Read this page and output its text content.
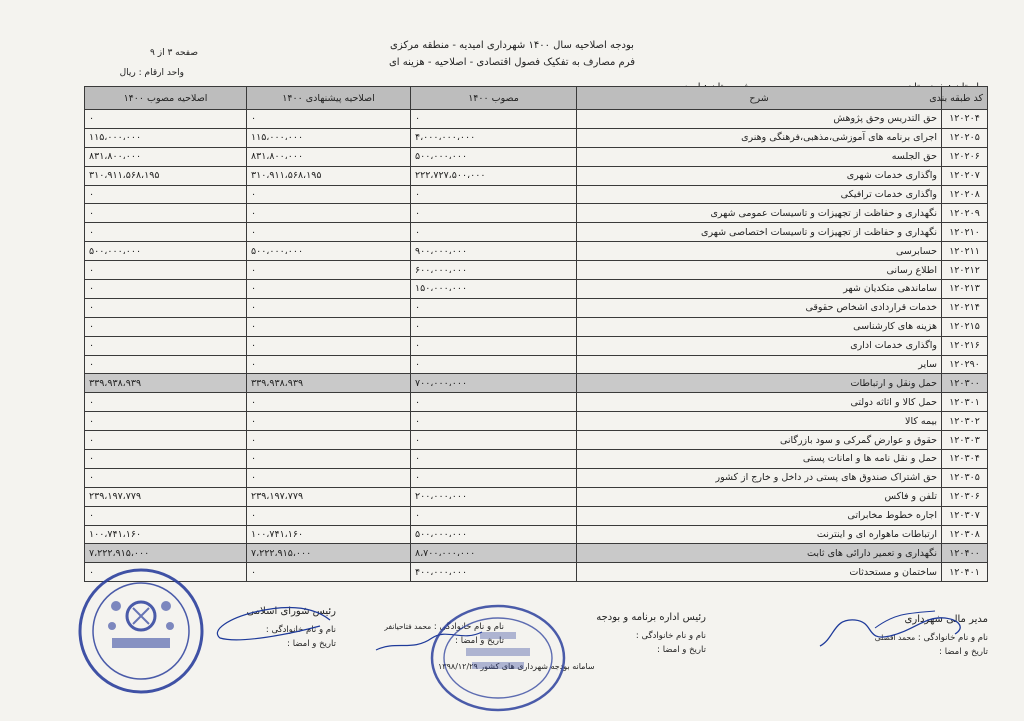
بودجه اصلاحیه سال ۱۴۰۰ شهرداری امیدیه - منطقه مرکزی
فرم مصارف به تفکیک فصول اقتصادی - اصلاحیه - هزینه ای
صفحه ۳ از ۹
واحد ارقام : ریال
کد طبقه بندی	شرح	مصوب ۱۴۰۰	اصلاحیه پیشنهادی ۱۴۰۰	اصلاحیه مصوب ۱۴۰۰
۱۲۰۲۰۴	حق التدریس وحق پژوهش	۰	۰	۰
۱۲۰۲۰۵	اجرای برنامه های آموزشی،مذهبی،فرهنگی وهنری	۴،۰۰۰،۰۰۰،۰۰۰	۱۱۵،۰۰۰،۰۰۰	۱۱۵،۰۰۰،۰۰۰
۱۲۰۲۰۶	حق الجلسه	۵۰۰،۰۰۰،۰۰۰	۸۳۱،۸۰۰،۰۰۰	۸۳۱،۸۰۰،۰۰۰
۱۲۰۲۰۷	واگذاری خدمات شهری	۲۲۲،۷۲۷،۵۰۰،۰۰۰	۳۱۰،۹۱۱،۵۶۸،۱۹۵	۳۱۰،۹۱۱،۵۶۸،۱۹۵
۱۲۰۲۰۸	واگذاری خدمات ترافیکی	۰	۰	۰
۱۲۰۲۰۹	نگهداری و حفاظت از تجهیزات و تاسیسات عمومی شهری	۰	۰	۰
۱۲۰۲۱۰	نگهداری و حفاظت از تجهیزات و تاسیسات اختصاصی شهری	۰	۰	۰
۱۲۰۲۱۱	حسابرسی	۹۰۰،۰۰۰،۰۰۰	۵۰۰،۰۰۰،۰۰۰	۵۰۰،۰۰۰،۰۰۰
۱۲۰۲۱۲	اطلاع رسانی	۶۰۰،۰۰۰،۰۰۰	۰	۰
۱۲۰۲۱۳	ساماندهی متکدیان شهر	۱۵۰،۰۰۰،۰۰۰	۰	۰
۱۲۰۲۱۴	خدمات قراردادی اشخاص حقوقی	۰	۰	۰
۱۲۰۲۱۵	هزینه های کارشناسی	۰	۰	۰
۱۲۰۲۱۶	واگذاری خدمات اداری	۰	۰	۰
۱۲۰۲۹۰	سایر	۰	۰	۰
۱۲۰۳۰۰	حمل ونقل و ارتباطات	۷۰۰،۰۰۰،۰۰۰	۳۳۹،۹۳۸،۹۳۹	۳۳۹،۹۳۸،۹۳۹
۱۲۰۳۰۱	حمل کالا و اثاثه دولتی	۰	۰	۰
۱۲۰۳۰۲	بیمه کالا	۰	۰	۰
۱۲۰۳۰۳	حقوق و عوارض گمرکی و سود بازرگانی	۰	۰	۰
۱۲۰۳۰۴	حمل و نقل نامه ها و امانات پستی	۰	۰	۰
۱۲۰۳۰۵	حق اشتراک صندوق های پستی در داخل و خارج از کشور	۰	۰	۰
۱۲۰۳۰۶	تلفن و فاکس	۲۰۰،۰۰۰،۰۰۰	۲۳۹،۱۹۷،۷۷۹	۲۳۹،۱۹۷،۷۷۹
۱۲۰۳۰۷	اجاره خطوط مخابراتی	۰	۰	۰
۱۲۰۳۰۸	ارتباطات ماهواره ای و اینترنت	۵۰۰،۰۰۰،۰۰۰	۱۰۰،۷۴۱،۱۶۰	۱۰۰،۷۴۱،۱۶۰
۱۲۰۴۰۰	نگهداری و تعمیر دارائی های ثابت	۸،۷۰۰،۰۰۰،۰۰۰	۷،۲۲۲،۹۱۵،۰۰۰	۷،۲۲۲،۹۱۵،۰۰۰
۱۲۰۴۰۱	ساختمان و مستحدثات	۴۰۰،۰۰۰،۰۰۰	۰	۰
مدیر مالی شهرداری
نام و نام خانوادگی : محمد افضلی
تاریخ و امضا :
رئیس اداره برنامه و بودجه
نام و نام خانوادگی :
تاریخ و امضا :
نام و نام خانوادگی : محمد فتاحیانفر
تاریخ و امضا :
رئیس شورای اسلامی
نام و نام خانوادگی :
تاریخ و امضا :
سامانه بودجه شهرداری های کشور ۱۳۹۸/۱۲/۲۹
